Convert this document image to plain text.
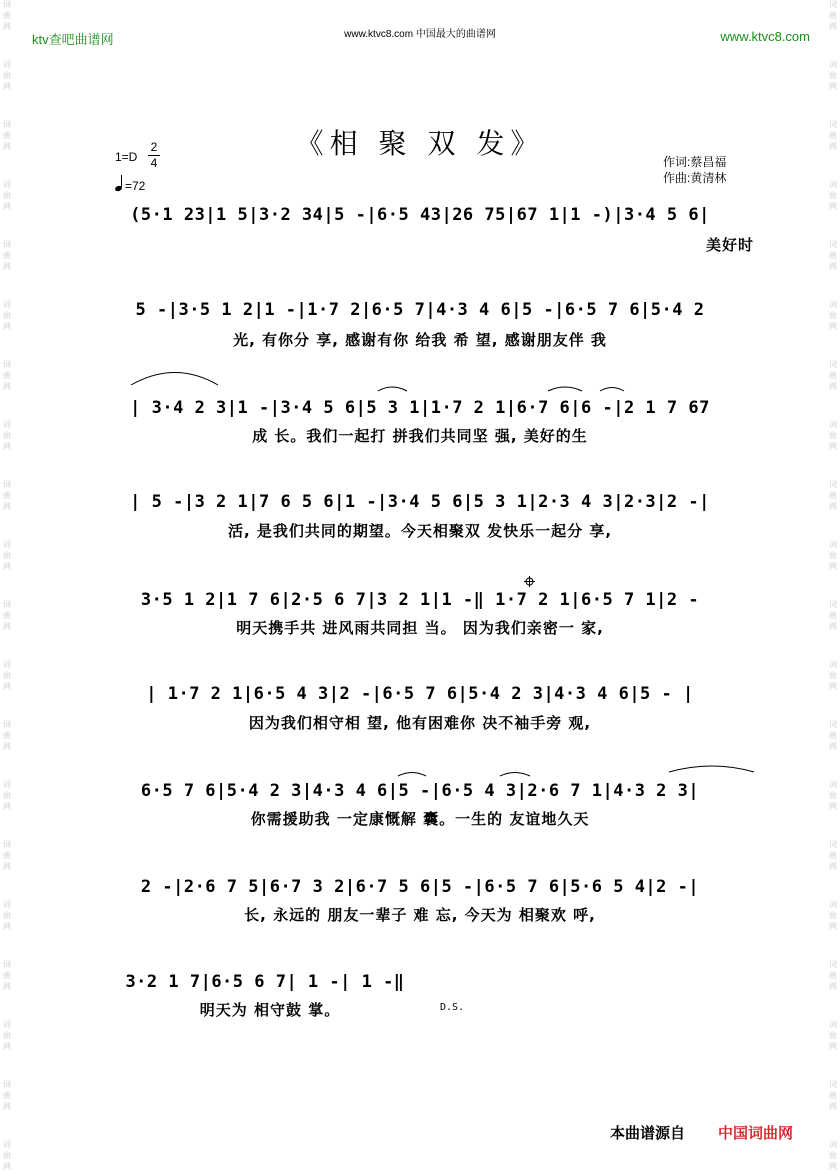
词
曲
网
词
曲
网
词
曲
网
词
曲
网
词
曲
网
词
曲
网
词
曲
网
词
曲
网
词
曲
网
词
曲
网
词
曲
网
词
曲
网
词
曲
网
词
曲
网
词
曲
网
词
曲
网
词
曲
网
词
曲
网
词
曲
网
词
曲
网
词
曲
网
词
曲
网
词
曲
网
词
曲
网
词
曲
网
词
曲
网
词
曲
网
词
曲
网
词
曲
网
词
曲
网
词
曲
网
词
曲
网
词
曲
网
词
曲
网
词
曲
网
词
曲
网
词
曲
网
词
曲
网
词
曲
网
词
曲
网
ktv查吧曲谱网	www.ktvc8.com 中国最大的曲谱网	www.ktvc8.com
《相 聚 双 发》
1=D
2
4
=72
作词:蔡昌福
作曲:黄清林
(5·1 23|1 5|3·2 34|5 -|6·5 43|26 75|67 1|1 -)|3·4 5 6|
美好时
5 -|3·5 1 2|1 -|1·7 2|6·5 7|4·3 4 6|5 -|6·5 7 6|5·4 2
光, 有你分 享, 感谢有你 给我 希 望, 感谢朋友伴 我
| 3·4 2 3|1 -|3·4 5 6|5 3 1|1·7 2 1|6·7 6|6 -|2 1 7 67
成 长。我们一起打 拼我们共同坚 强, 美好的生
| 5 -|3 2 1|7 6 5 6|1 -|3·4 5 6|5 3 1|2·3 4 3|2·3|2 -|
活, 是我们共同的期望。今天相聚双 发快乐一起分 享,
3·5 1 2|1 7 6|2·5 6 7|3 2 1|1 -‖ 1·7 2 1|6·5 7 1|2 -
明天携手共 进风雨共同担 当。 因为我们亲密一 家,
| 1·7 2 1|6·5 4 3|2 -|6·5 7 6|5·4 2 3|4·3 4 6|5 - |
因为我们相守相 望, 他有困难你 决不袖手旁 观,
6·5 7 6|5·4 2 3|4·3 4 6|5 -|6·5 4 3|2·6 7 1|4·3 2 3|
你需援助我 一定康慨解 囊。一生的 友谊地久天
2 -|2·6 7 5|6·7 3 2|6·7 5 6|5 -|6·5 7 6|5·6 5 4|2 -|
长, 永远的 朋友一辈子 难 忘, 今天为 相聚欢 呼,
3·2 1 7|6·5 6 7| 1 -| 1 -‖
明天为 相守鼓 掌。	D.S.
本曲谱源自 中国词曲网
